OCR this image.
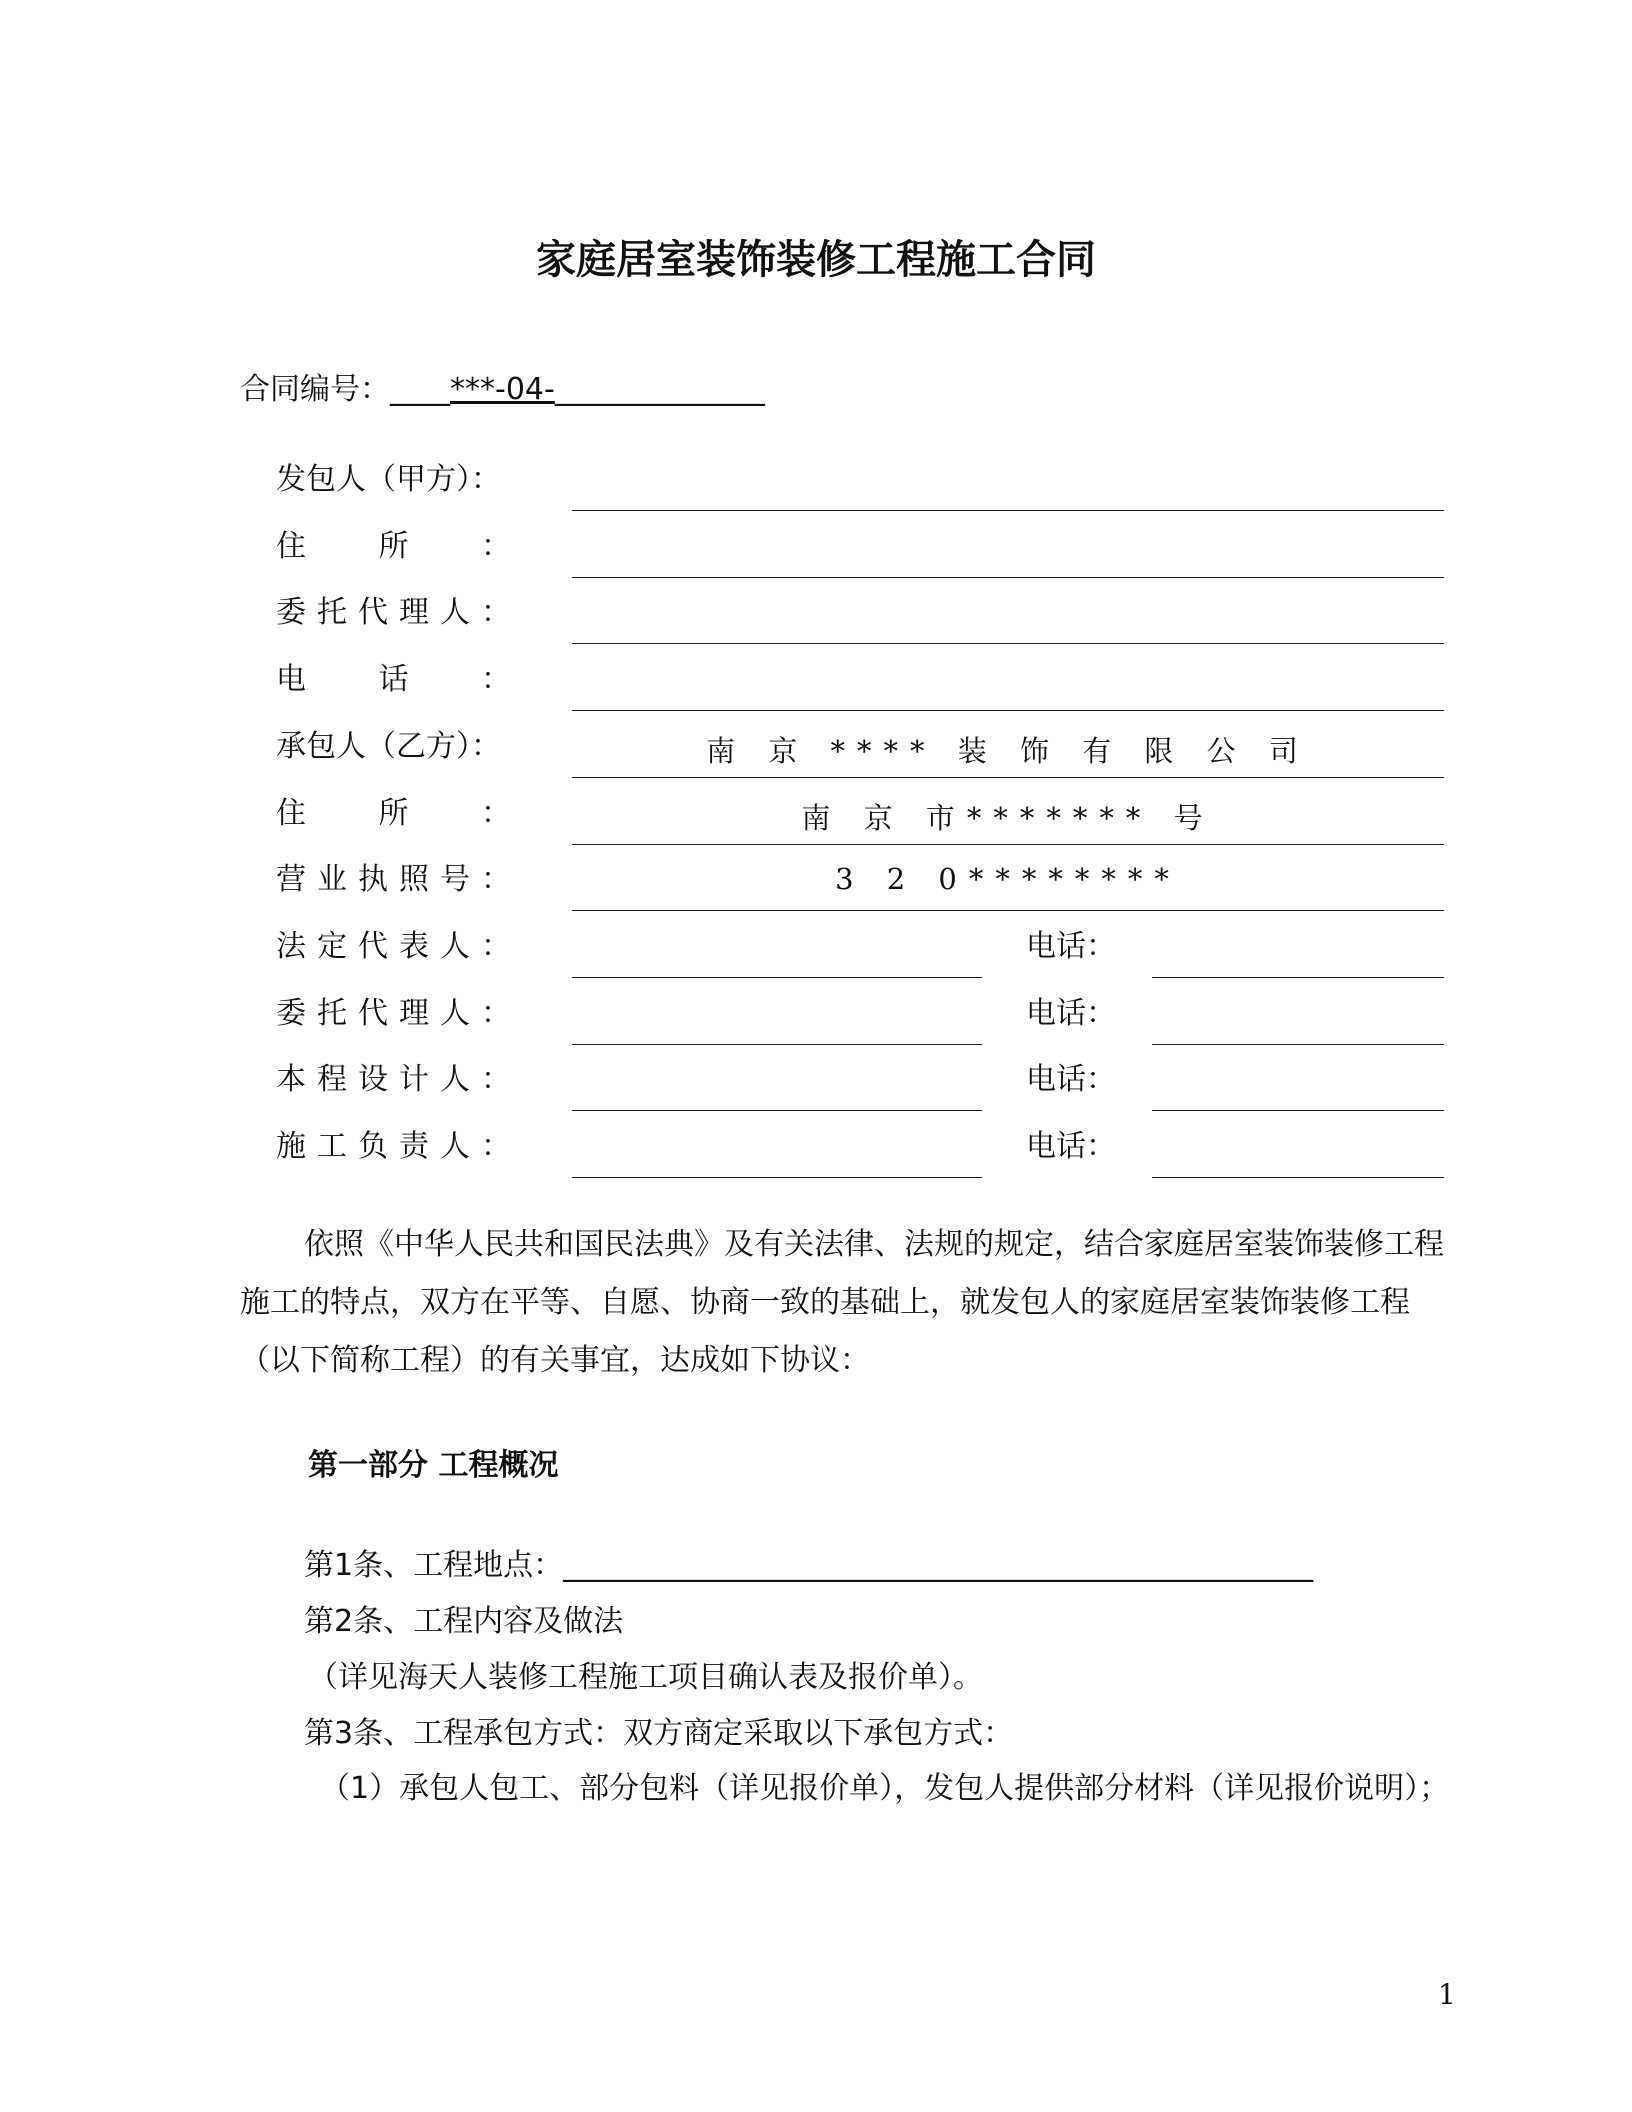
家庭居室装饰装修工程施工合同
合同编号：____***-04-______________
发包人（甲方）：
住 所 ：
委 托 代 理 人 ：
电 话 ：
承包人（乙方）：	南 京 **** 装 饰 有 限 公 司
住 所 ：	南 京 市******* 号
营 业 执 照 号 ：	3 2 0********
法 定 代 表 人 ：	电话：
委 托 代 理 人 ：	电话：
本 程 设 计 人 ：	电话：
施 工 负 责 人 ：	电话：

依照《中华人民共和国民法典》及有关法律、法规的规定，结合家庭居室装饰装修工程施工的特点，双方在平等、自愿、协商一致的基础上，就发包人的家庭居室装饰装修工程（以下简称工程）的有关事宜，达成如下协议：

第一部分 工程概况
第1条、工程地点：__________________________________________________
第2条、工程内容及做法
（详见海天人装修工程施工项目确认表及报价单）。
第3条、工程承包方式：双方商定采取以下承包方式：

（1）承包人包工、部分包料（详见报价单），发包人提供部分材料（详见报价说明）；

1
